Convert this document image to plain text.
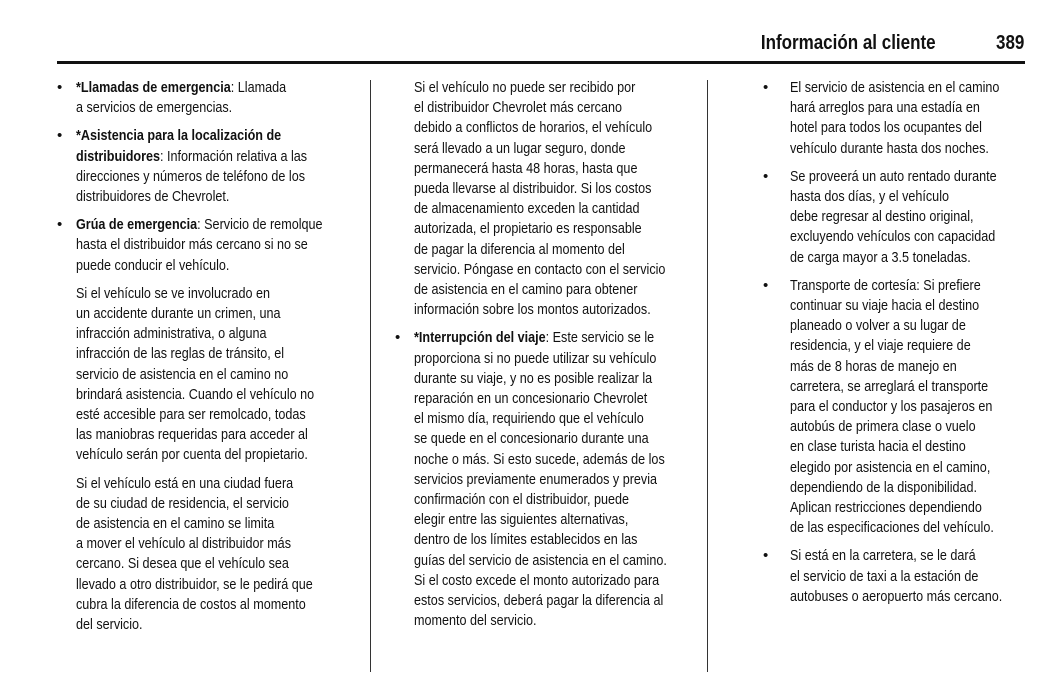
Información al cliente	389
• *Llamadas de emergencia: Llamada
a servicios de emergencias.
• *Asistencia para la localización de
distribuidores: Información relativa a las
direcciones y números de teléfono de los
distribuidores de Chevrolet.
• Grúa de emergencia: Servicio de remolque
hasta el distribuidor más cercano si no se
puede conducir el vehículo.
Si el vehículo se ve involucrado en
un accidente durante un crimen, una
infracción administrativa, o alguna
infracción de las reglas de tránsito, el
servicio de asistencia en el camino no
brindará asistencia. Cuando el vehículo no
esté accesible para ser remolcado, todas
las maniobras requeridas para acceder al
vehículo serán por cuenta del propietario.
Si el vehículo está en una ciudad fuera
de su ciudad de residencia, el servicio
de asistencia en el camino se limita
a mover el vehículo al distribuidor más
cercano. Si desea que el vehículo sea
llevado a otro distribuidor, se le pedirá que
cubra la diferencia de costos al momento
del servicio.
Si el vehículo no puede ser recibido por
el distribuidor Chevrolet más cercano
debido a conflictos de horarios, el vehículo
será llevado a un lugar seguro, donde
permanecerá hasta 48 horas, hasta que
pueda llevarse al distribuidor. Si los costos
de almacenamiento exceden la cantidad
autorizada, el propietario es responsable
de pagar la diferencia al momento del
servicio. Póngase en contacto con el servicio
de asistencia en el camino para obtener
información sobre los montos autorizados.
• *Interrupción del viaje: Este servicio se le
proporciona si no puede utilizar su vehículo
durante su viaje, y no es posible realizar la
reparación en un concesionario Chevrolet
el mismo día, requiriendo que el vehículo
se quede en el concesionario durante una
noche o más. Si esto sucede, además de los
servicios previamente enumerados y previa
confirmación con el distribuidor, puede
elegir entre las siguientes alternativas,
dentro de los límites establecidos en las
guías del servicio de asistencia en el camino.
Si el costo excede el monto autorizado para
estos servicios, deberá pagar la diferencia al
momento del servicio.
• El servicio de asistencia en el camino
hará arreglos para una estadía en
hotel para todos los ocupantes del
vehículo durante hasta dos noches.
• Se proveerá un auto rentado durante
hasta dos días, y el vehículo
debe regresar al destino original,
excluyendo vehículos con capacidad
de carga mayor a 3.5 toneladas.
• Transporte de cortesía: Si prefiere
continuar su viaje hacia el destino
planeado o volver a su lugar de
residencia, y el viaje requiere de
más de 8 horas de manejo en
carretera, se arreglará el transporte
para el conductor y los pasajeros en
autobús de primera clase o vuelo
en clase turista hacia el destino
elegido por asistencia en el camino,
dependiendo de la disponibilidad.
Aplican restricciones dependiendo
de las especificaciones del vehículo.
• Si está en la carretera, se le dará
el servicio de taxi a la estación de
autobuses o aeropuerto más cercano.
